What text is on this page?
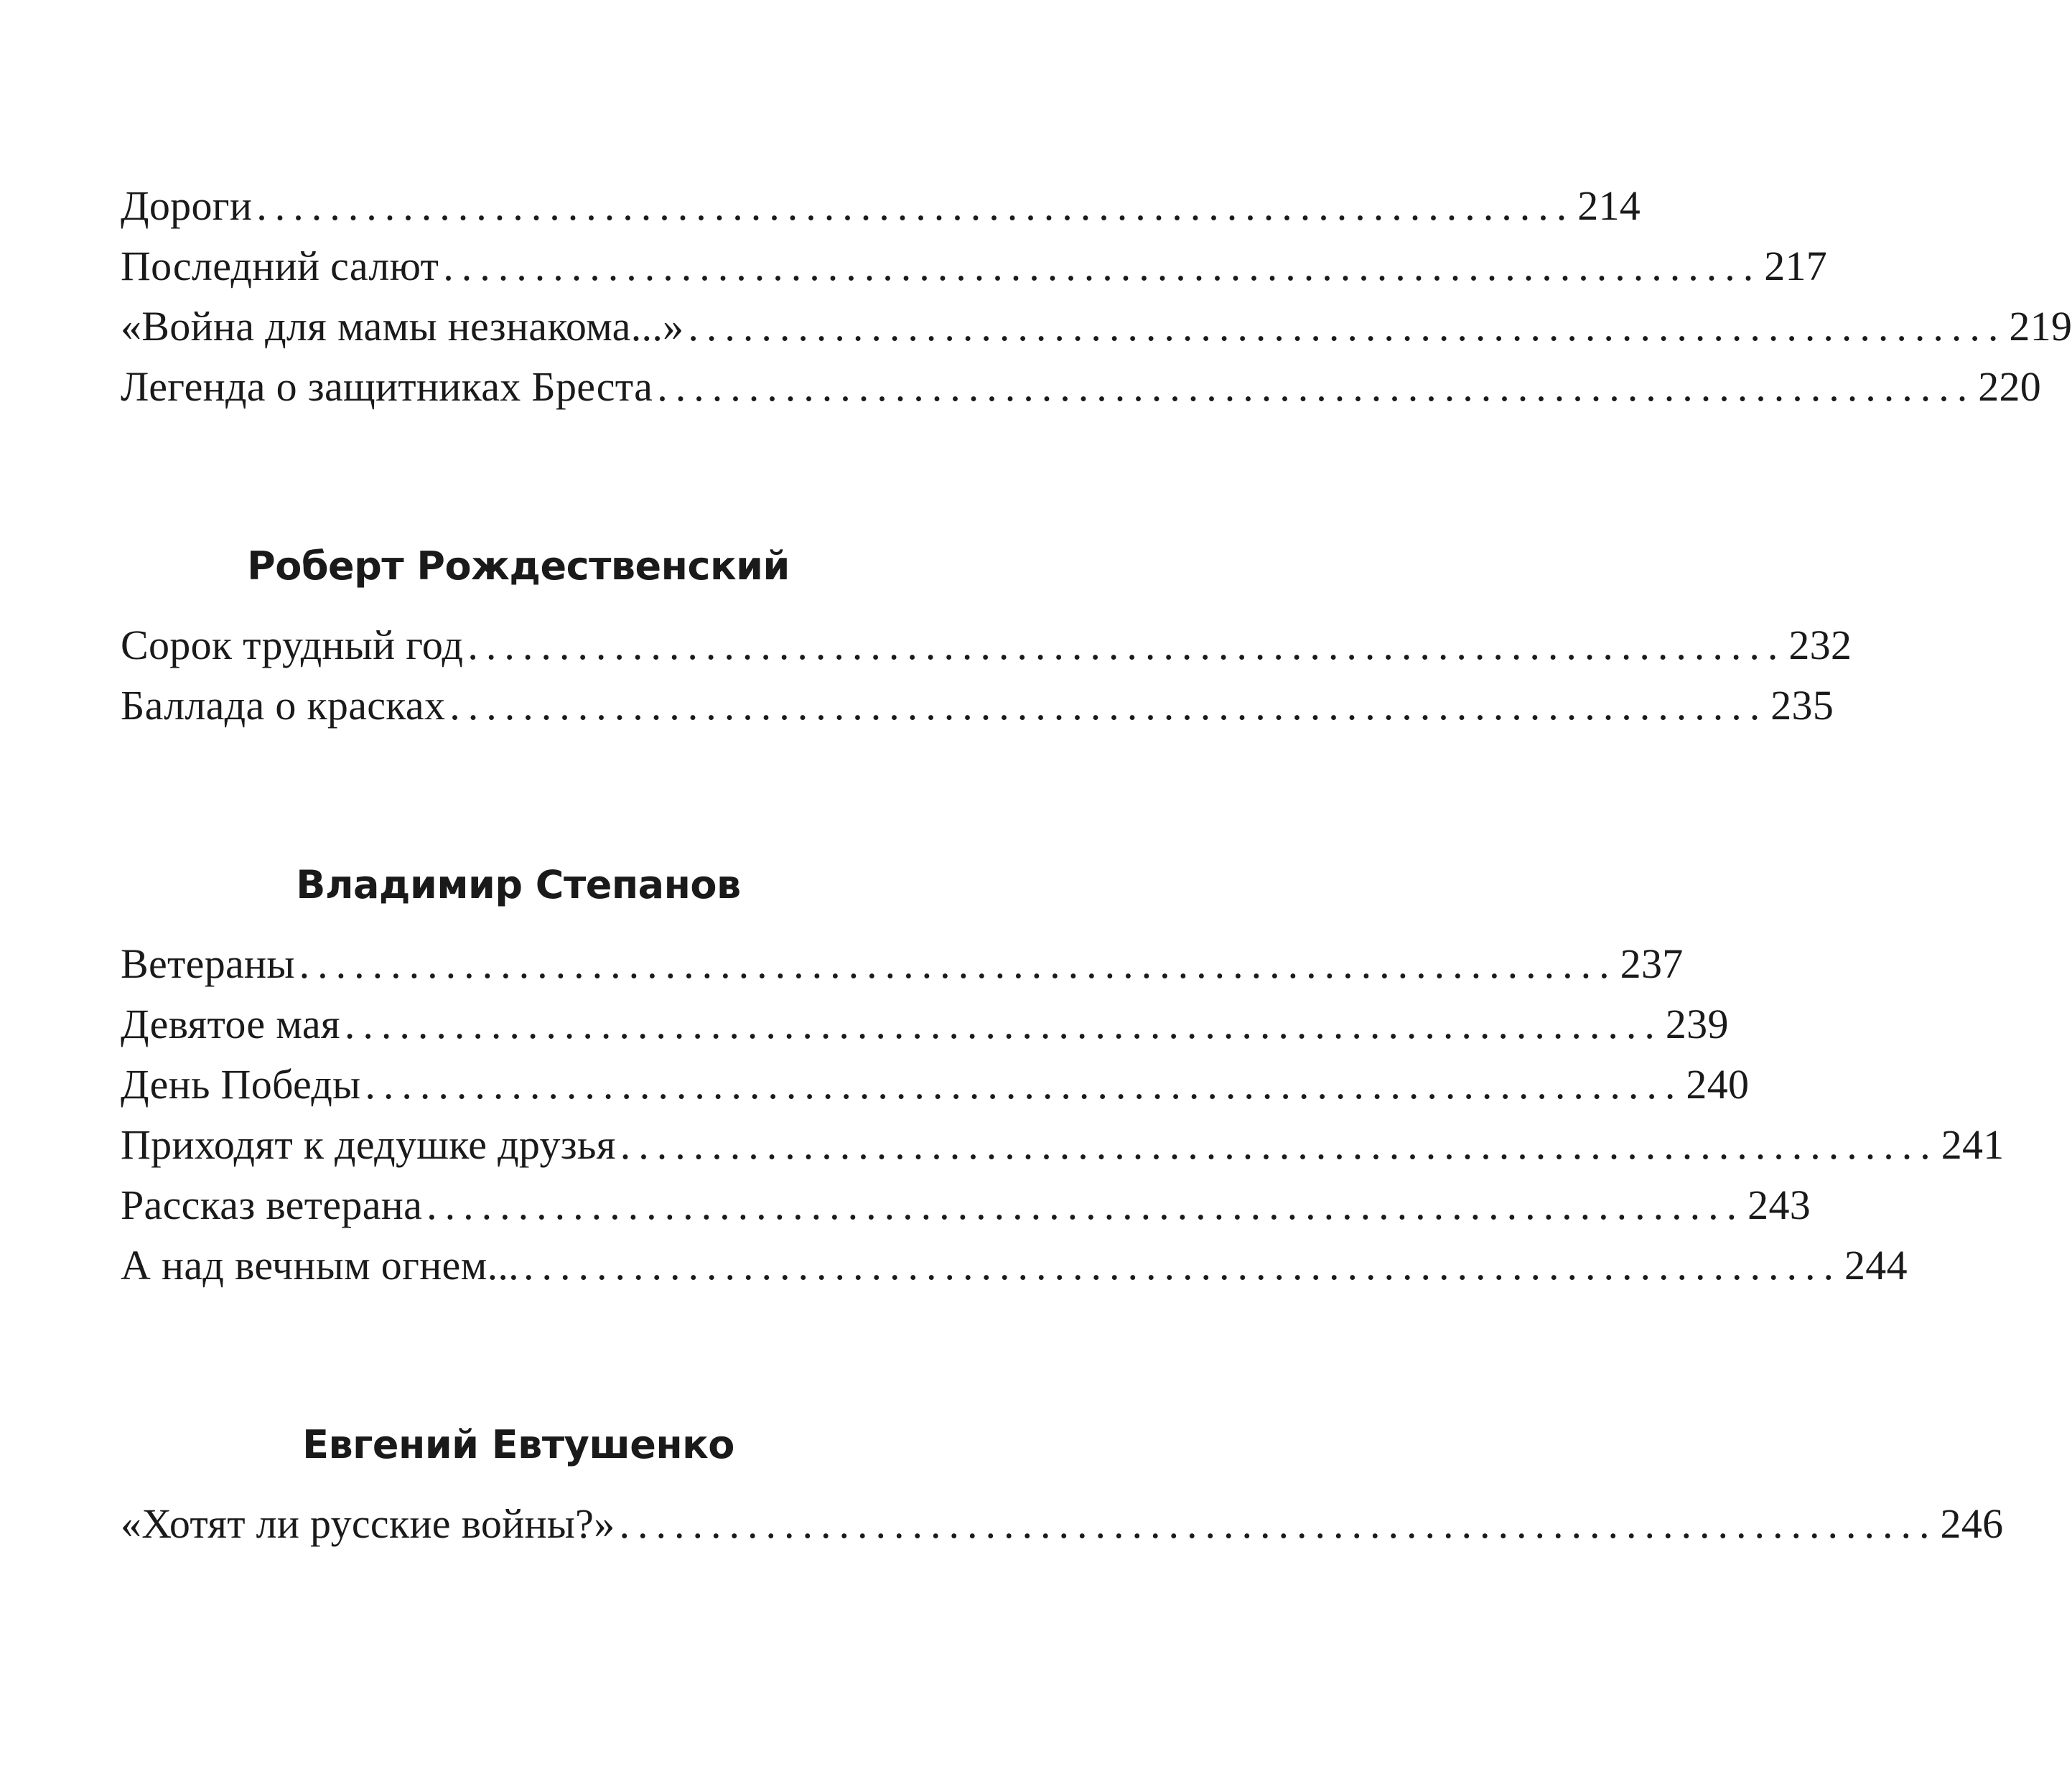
Дороги ........................................................................ 214
Последний салют ........................................................................ 217
«Война для мамы незнакома...» ........................................................................ 219
Легенда о защитниках Бреста ........................................................................ 220
Роберт Рождественский
Сорок трудный год ........................................................................ 232
Баллада о красках ........................................................................ 235
Владимир Степанов
Ветераны ........................................................................ 237
Девятое мая ........................................................................ 239
День Победы ........................................................................ 240
Приходят к дедушке друзья ........................................................................ 241
Рассказ ветерана ........................................................................ 243
А над вечным огнем... ........................................................................ 244
Евгений Евтушенко
«Хотят ли русские войны?» ........................................................................ 246
